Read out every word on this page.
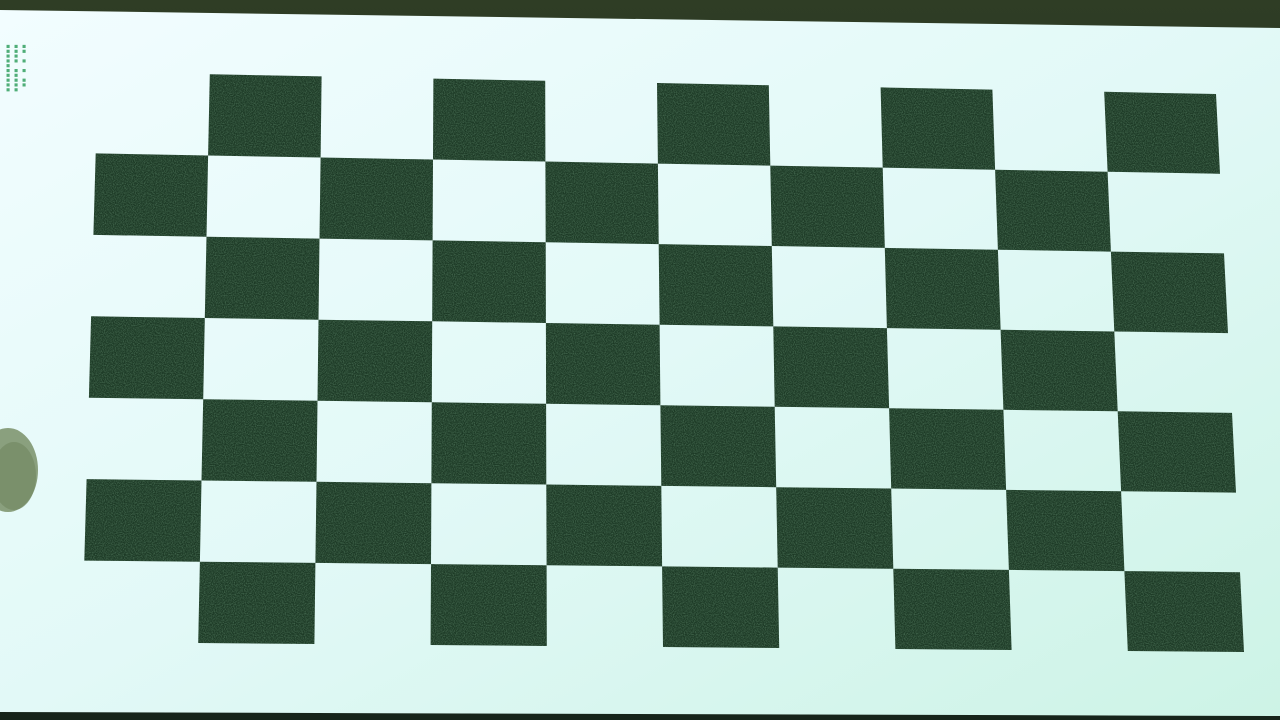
▪▪ ▪ ▪ ▪▪
▪▪▪▪ ▪▪▪▪▪
▪▪▪▪▪▪▪▪▪▪
